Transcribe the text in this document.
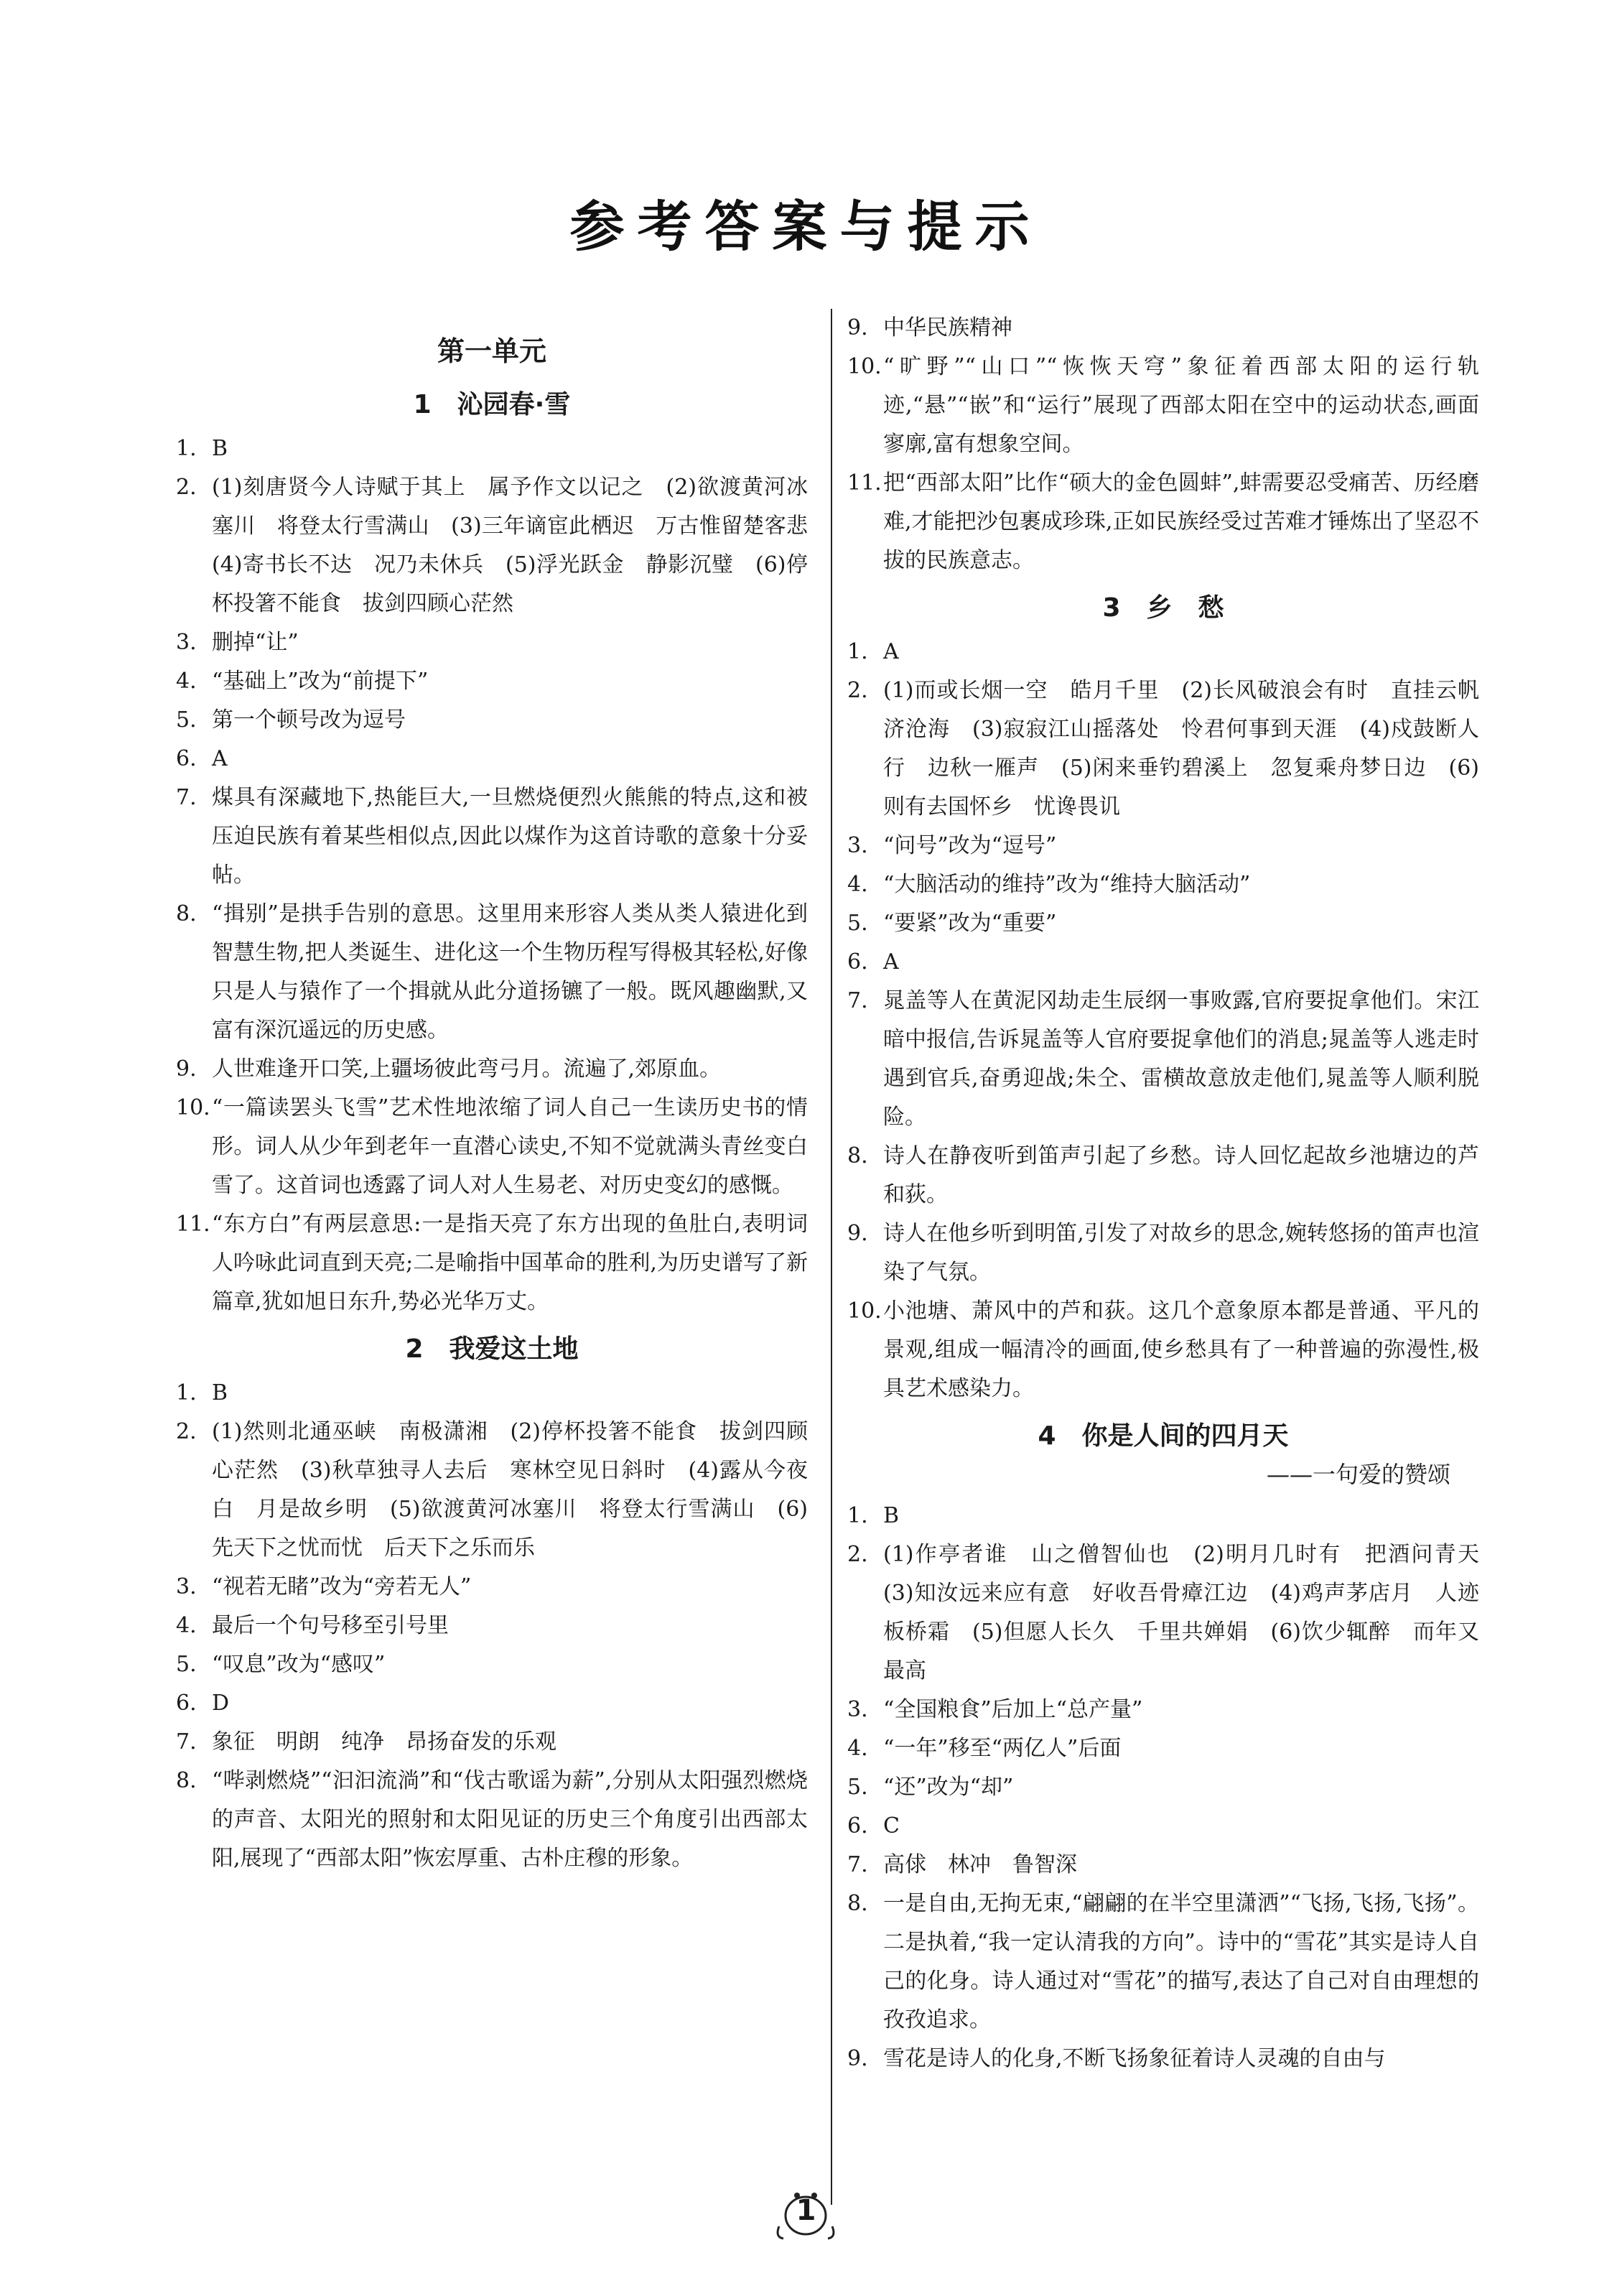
参考答案与提示
第一单元
1　沁园春·雪
1. B
2. (1)刻唐贤今人诗赋于其上　属予作文以记之　(2)欲渡黄河冰塞川　将登太行雪满山　(3)三年谪宦此栖迟　万古惟留楚客悲　(4)寄书长不达　况乃未休兵　(5)浮光跃金　静影沉璧　(6)停杯投箸不能食　拔剑四顾心茫然
3. 删掉“让”
4. “基础上”改为“前提下”
5. 第一个顿号改为逗号
6. A
7. 煤具有深藏地下,热能巨大,一旦燃烧便烈火熊熊的特点,这和被压迫民族有着某些相似点,因此以煤作为这首诗歌的意象十分妥帖。
8. “揖别”是拱手告别的意思。这里用来形容人类从类人猿进化到智慧生物,把人类诞生、进化这一个生物历程写得极其轻松,好像只是人与猿作了一个揖就从此分道扬镳了一般。既风趣幽默,又富有深沉遥远的历史感。
9. 人世难逢开口笑,上疆场彼此弯弓月。流遍了,郊原血。
10. “一篇读罢头飞雪”艺术性地浓缩了词人自己一生读历史书的情形。词人从少年到老年一直潜心读史,不知不觉就满头青丝变白雪了。这首词也透露了词人对人生易老、对历史变幻的感慨。
11. “东方白”有两层意思:一是指天亮了东方出现的鱼肚白,表明词人吟咏此词直到天亮;二是喻指中国革命的胜利,为历史谱写了新篇章,犹如旭日东升,势必光华万丈。
2　我爱这土地
1. B
2. (1)然则北通巫峡　南极潇湘　(2)停杯投箸不能食　拔剑四顾心茫然　(3)秋草独寻人去后　寒林空见日斜时　(4)露从今夜白　月是故乡明　(5)欲渡黄河冰塞川　将登太行雪满山　(6)先天下之忧而忧　后天下之乐而乐
3. “视若无睹”改为“旁若无人”
4. 最后一个句号移至引号里
5. “叹息”改为“感叹”
6. D
7. 象征　明朗　纯净　昂扬奋发的乐观
8. “哔剥燃烧”“汩汩流淌”和“伐古歌谣为薪”,分别从太阳强烈燃烧的声音、太阳光的照射和太阳见证的历史三个角度引出西部太阳,展现了“西部太阳”恢宏厚重、古朴庄穆的形象。
9. 中华民族精神
10. “旷野”“山口”“恢恢天穹”象征着西部太阳的运行轨迹,“悬”“嵌”和“运行”展现了西部太阳在空中的运动状态,画面寥廓,富有想象空间。
11. 把“西部太阳”比作“硕大的金色圆蚌”,蚌需要忍受痛苦、历经磨难,才能把沙包裹成珍珠,正如民族经受过苦难才锤炼出了坚忍不拔的民族意志。
3　乡　愁
1. A
2. (1)而或长烟一空　皓月千里　(2)长风破浪会有时　直挂云帆济沧海　(3)寂寂江山摇落处　怜君何事到天涯　(4)戍鼓断人行　边秋一雁声　(5)闲来垂钓碧溪上　忽复乘舟梦日边　(6)则有去国怀乡　忧谗畏讥
3. “问号”改为“逗号”
4. “大脑活动的维持”改为“维持大脑活动”
5. “要紧”改为“重要”
6. A
7. 晁盖等人在黄泥冈劫走生辰纲一事败露,官府要捉拿他们。宋江暗中报信,告诉晁盖等人官府要捉拿他们的消息;晁盖等人逃走时遇到官兵,奋勇迎战;朱仝、雷横故意放走他们,晁盖等人顺利脱险。
8. 诗人在静夜听到笛声引起了乡愁。诗人回忆起故乡池塘边的芦和荻。
9. 诗人在他乡听到明笛,引发了对故乡的思念,婉转悠扬的笛声也渲染了气氛。
10. 小池塘、萧风中的芦和荻。这几个意象原本都是普通、平凡的景观,组成一幅清冷的画面,使乡愁具有了一种普遍的弥漫性,极具艺术感染力。
4　你是人间的四月天
——一句爱的赞颂
1. B
2. (1)作亭者谁　山之僧智仙也　(2)明月几时有　把酒问青天　(3)知汝远来应有意　好收吾骨瘴江边　(4)鸡声茅店月　人迹板桥霜　(5)但愿人长久　千里共婵娟　(6)饮少辄醉　而年又最高
3. “全国粮食”后加上“总产量”
4. “一年”移至“两亿人”后面
5. “还”改为“却”
6. C
7. 高俅　林冲　鲁智深
8. 一是自由,无拘无束,“翩翩的在半空里潇洒”“飞扬,飞扬,飞扬”。二是执着,“我一定认清我的方向”。诗中的“雪花”其实是诗人自己的化身。诗人通过对“雪花”的描写,表达了自己对自由理想的孜孜追求。
9. 雪花是诗人的化身,不断飞扬象征着诗人灵魂的自由与
1
